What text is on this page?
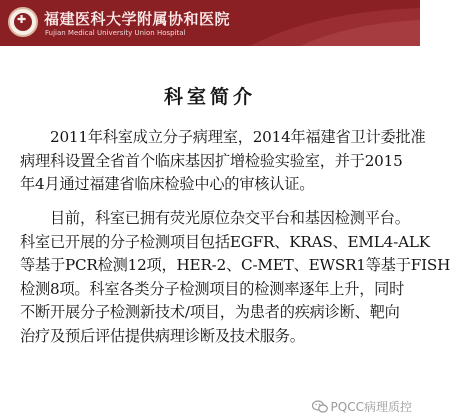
✚
福建医科大学附属协和医院
Fujian Medical University Union Hospital
科室简介
　　2011年科室成立分子病理室，2014年福建省卫计委批准
病理科设置全省首个临床基因扩增检验实验室，并于2015
年4月通过福建省临床检验中心的审核认证。
　　目前，科室已拥有荧光原位杂交平台和基因检测平台。
科室已开展的分子检测项目包括EGFR、KRAS、EML4-ALK
等基于PCR检测12项，HER-2、C-MET、EWSR1等基于FISH
检测8项。科室各类分子检测项目的检测率逐年上升，同时
不断开展分子检测新技术/项目，为患者的疾病诊断、靶向
治疗及预后评估提供病理诊断及技术服务。
PQCC病理质控
